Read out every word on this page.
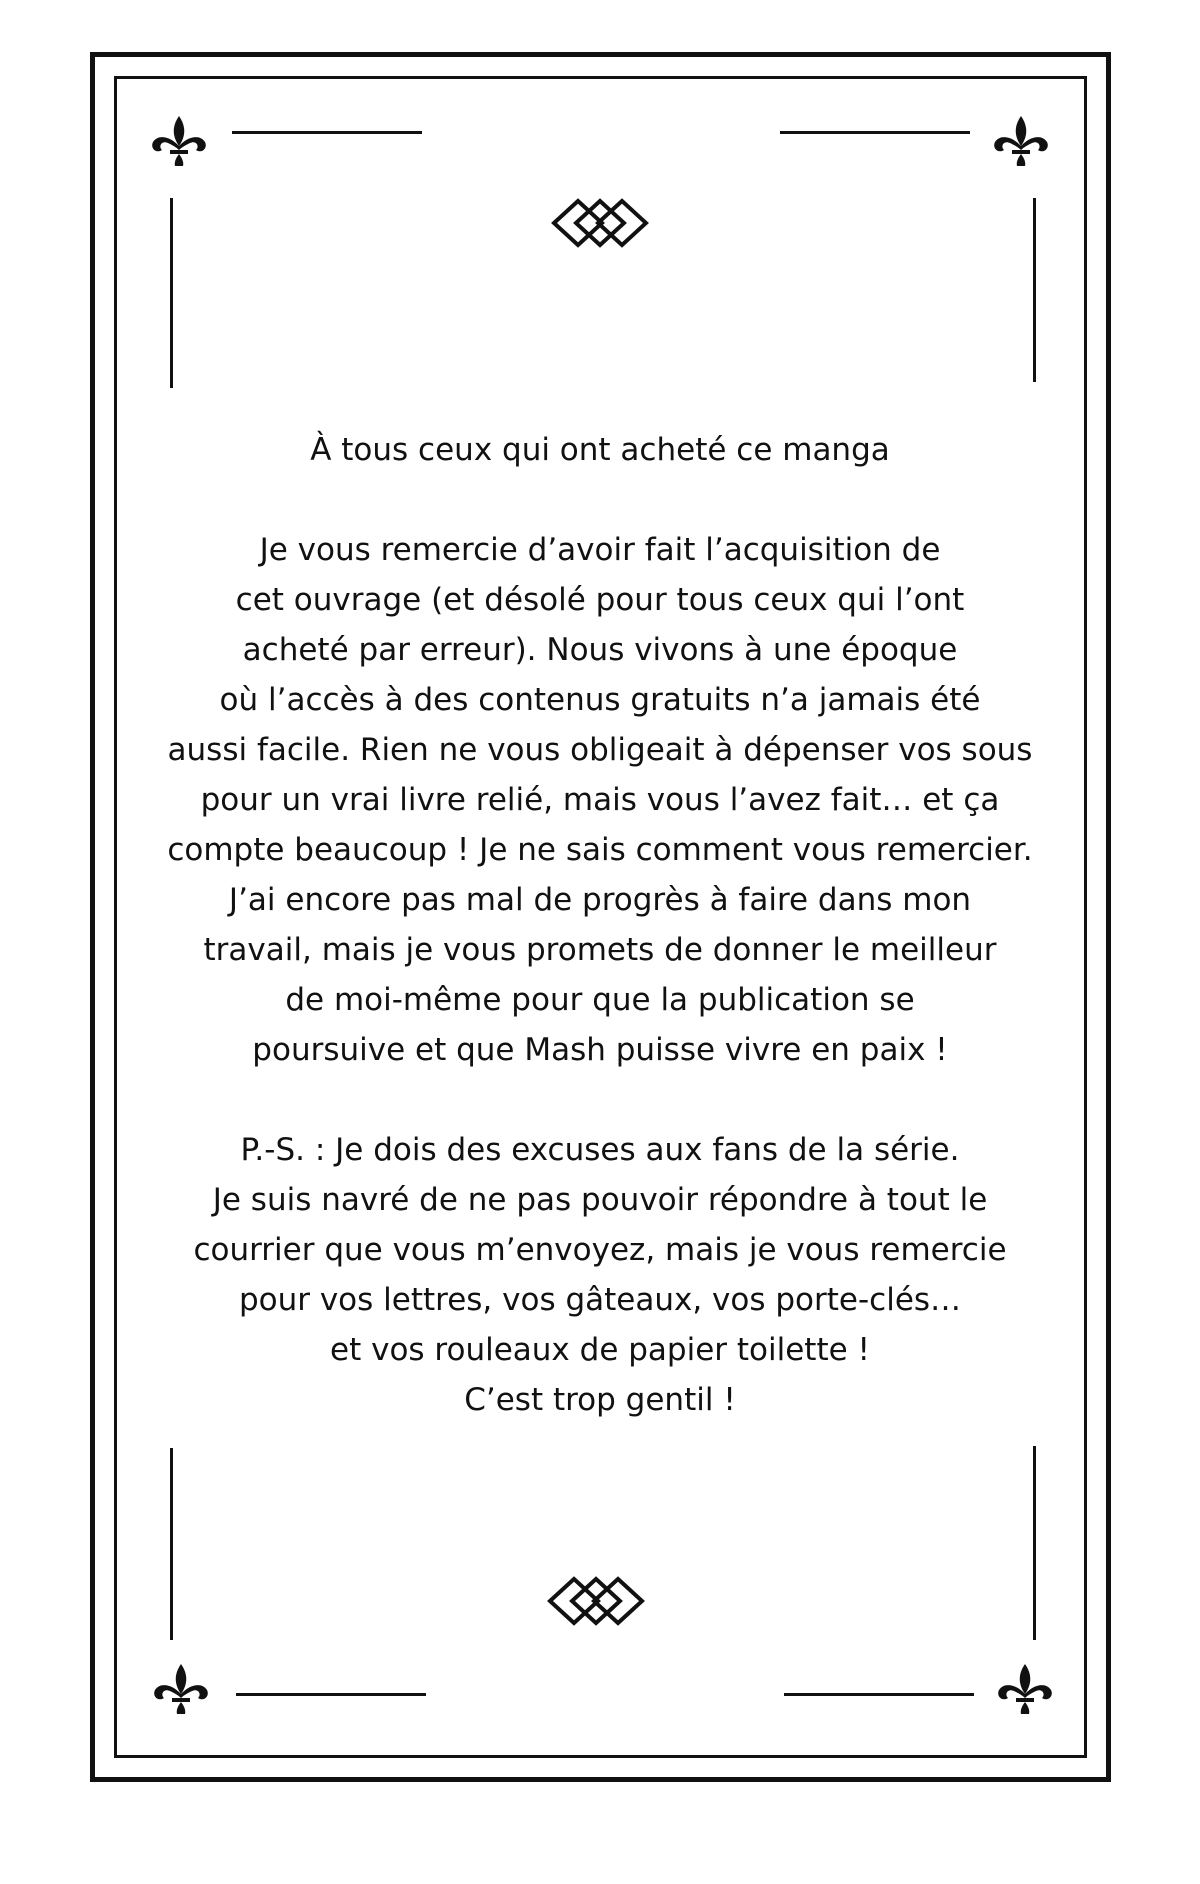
À tous ceux qui ont acheté ce manga
Je vous remercie d’avoir fait l’acquisition de
cet ouvrage (et désolé pour tous ceux qui l’ont
acheté par erreur). Nous vivons à une époque
où l’accès à des contenus gratuits n’a jamais été
aussi facile. Rien ne vous obligeait à dépenser vos sous
pour un vrai livre relié, mais vous l’avez fait… et ça
compte beaucoup ! Je ne sais comment vous remercier.
J’ai encore pas mal de progrès à faire dans mon
travail, mais je vous promets de donner le meilleur
de moi-même pour que la publication se
poursuive et que Mash puisse vivre en paix !
P.-S. : Je dois des excuses aux fans de la série.
Je suis navré de ne pas pouvoir répondre à tout le
courrier que vous m’envoyez, mais je vous remercie
pour vos lettres, vos gâteaux, vos porte-clés…
et vos rouleaux de papier toilette !
C’est trop gentil !
